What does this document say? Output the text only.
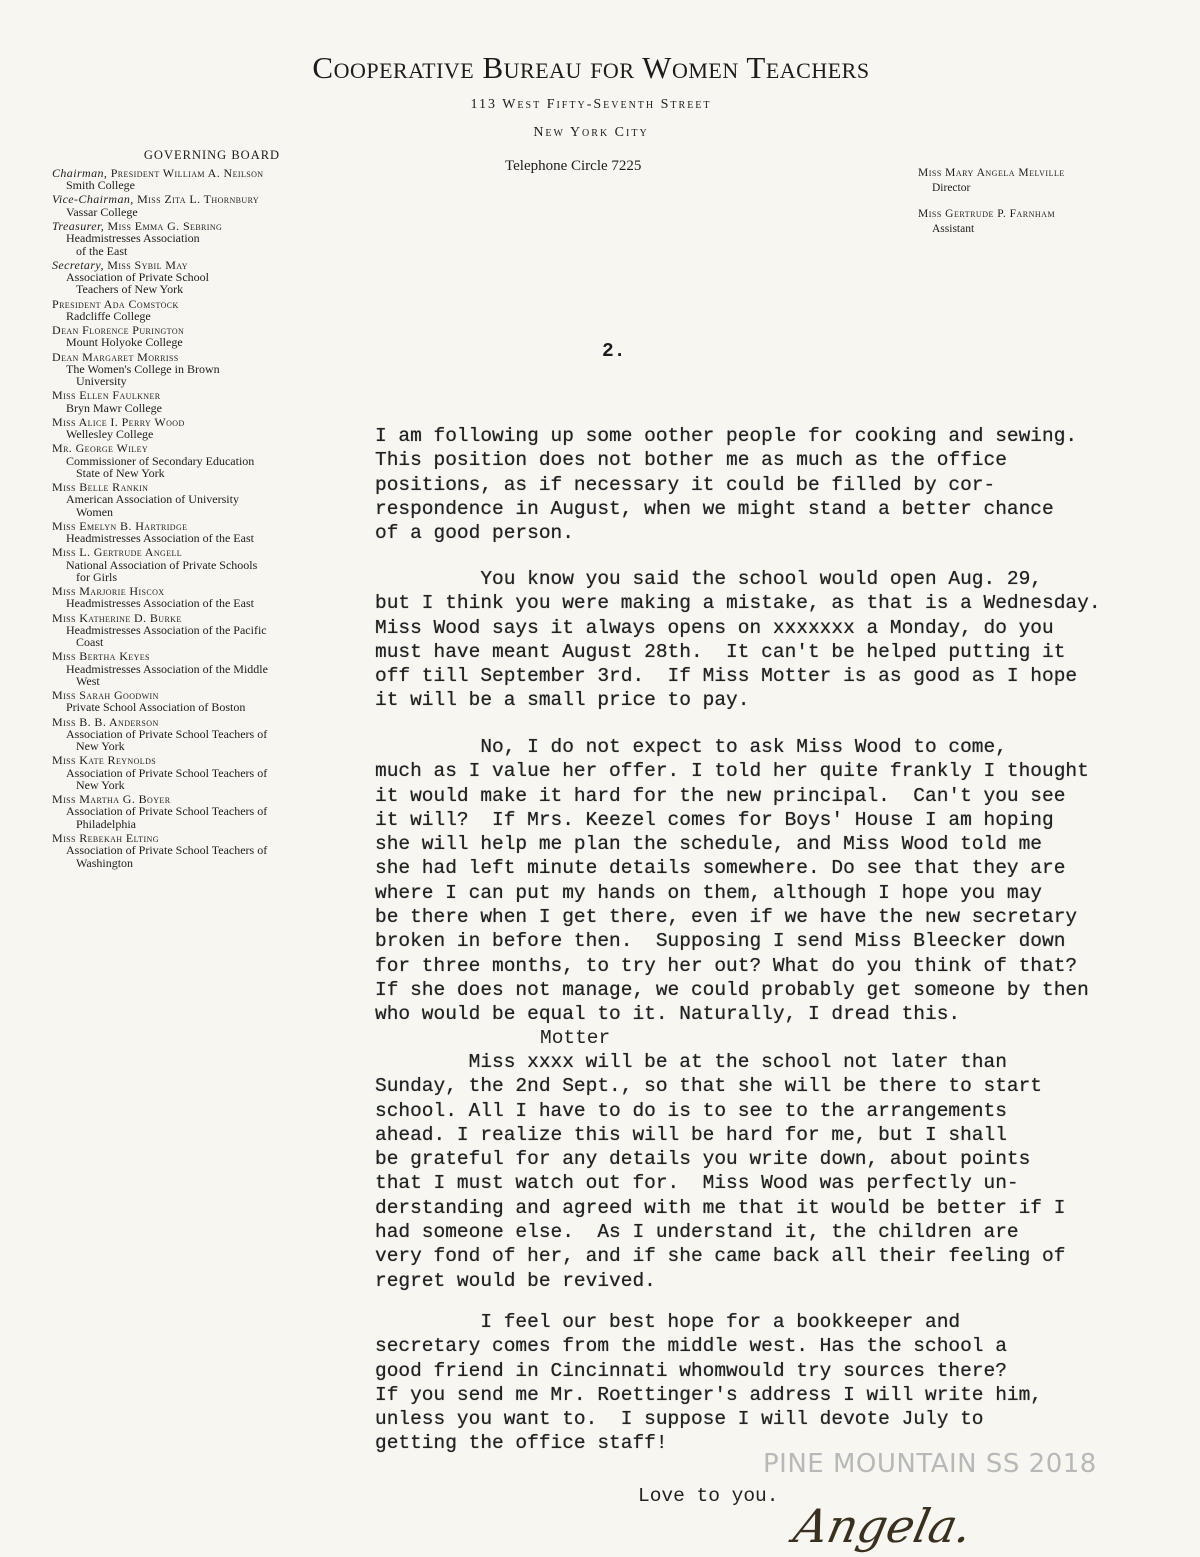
Cooperative Bureau for Women Teachers
113 West Fifty-Seventh Street
New York City
Telephone Circle 7225	Miss Mary Angela Melville
Director
Miss Gertrude P. Farnham
Assistant
GOVERNING BOARD
Chairman, President William A. Neilson
Smith College
Vice-Chairman, Miss Zita L. Thornbury
Vassar College
Treasurer, Miss Emma G. Sebring
Headmistresses Association
of the East
Secretary, Miss Sybil May
Association of Private School
Teachers of New York
President Ada Comstock
Radcliffe College
Dean Florence Purington
Mount Holyoke College
Dean Margaret Morriss
The Women's College in Brown
University
Miss Ellen Faulkner
Bryn Mawr College
Miss Alice I. Perry Wood
Wellesley College
Mr. George Wiley
Commissioner of Secondary Education
State of New York
Miss Belle Rankin
American Association of University
Women
Miss Emelyn B. Hartridge
Headmistresses Association of the East
Miss L. Gertrude Angell
National Association of Private Schools
for Girls
Miss Marjorie Hiscox
Headmistresses Association of the East
Miss Katherine D. Burke
Headmistresses Association of the Pacific
Coast
Miss Bertha Keyes
Headmistresses Association of the Middle
West
Miss Sarah Goodwin
Private School Association of Boston
Miss B. B. Anderson
Association of Private School Teachers of
New York
Miss Kate Reynolds
Association of Private School Teachers of
New York
Miss Martha G. Boyer
Association of Private School Teachers of
Philadelphia
Miss Rebekah Elting
Association of Private School Teachers of
Washington
2.
I am following up some oother people for cooking and sewing.
This position does not bother me as much as the office
positions, as if necessary it could be filled by cor-
respondence in August, when we might stand a better chance
of a good person.
You know you said the school would open Aug. 29,
but I think you were making a mistake, as that is a Wednesday.
Miss Wood says it always opens on xxxxxxx a Monday, do you
must have meant August 28th.  It can't be helped putting it
off till September 3rd.  If Miss Motter is as good as I hope
it will be a small price to pay.
No, I do not expect to ask Miss Wood to come,
much as I value her offer. I told her quite frankly I thought
it would make it hard for the new principal.  Can't you see
it will?  If Mrs. Keezel comes for Boys' House I am hoping
she will help me plan the schedule, and Miss Wood told me
she had left minute details somewhere. Do see that they are
where I can put my hands on them, although I hope you may
be there when I get there, even if we have the new secretary
broken in before then.  Supposing I send Miss Bleecker down
for three months, to try her out? What do you think of that?
If she does not manage, we could probably get someone by then
who would be equal to it. Naturally, I dread this.
Motter
Miss xxxx will be at the school not later than
Sunday, the 2nd Sept., so that she will be there to start
school. All I have to do is to see to the arrangements
ahead. I realize this will be hard for me, but I shall
be grateful for any details you write down, about points
that I must watch out for.  Miss Wood was perfectly un-
derstanding and agreed with me that it would be better if I
had someone else.  As I understand it, the children are
very fond of her, and if she came back all their feeling of
regret would be revived.
I feel our best hope for a bookkeeper and
secretary comes from the middle west. Has the school a
good friend in Cincinnati whomwould try sources there?
If you send me Mr. Roettinger's address I will write him,
unless you want to.  I suppose I will devote July to
getting the office staff!
Love to you.
Angela.
PINE MOUNTAIN SS 2018
